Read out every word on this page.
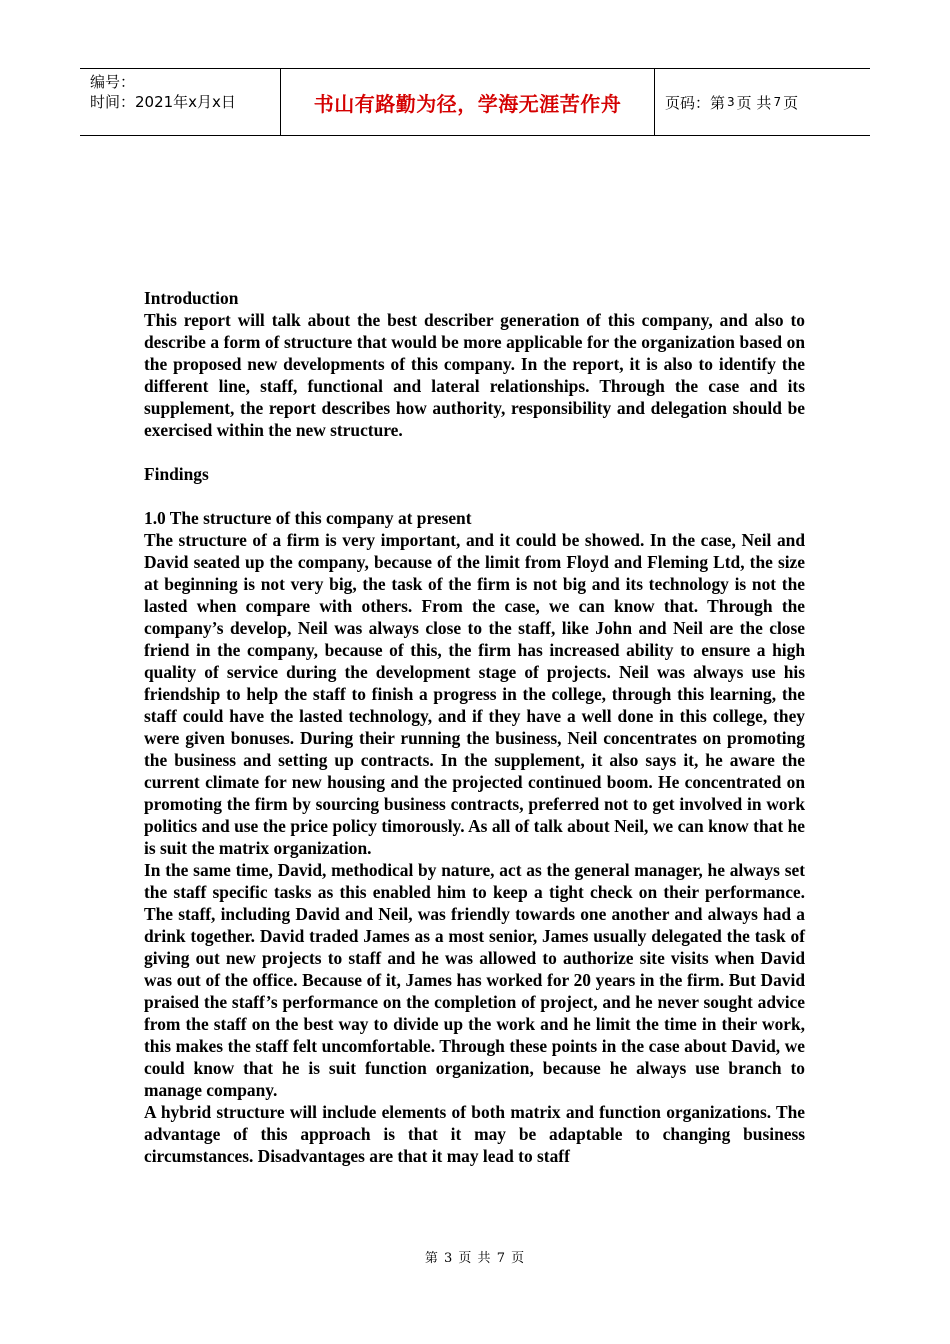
编号：
时间：2021年x月x日	书山有路勤为径，学海无涯苦作舟	页码：第 3 页 共 7 页

Introduction

This report will talk about the best describer generation of this company, and also to describe a form of structure that would be more applicable for the organization based on the proposed new developments of this company. In the report, it is also to identify the different line, staff, functional and lateral relationships. Through the case and its supplement, the report describes how authority, responsibility and delegation should be exercised within the new structure.

Findings

1.0 The structure of this company at present

The structure of a firm is very important, and it could be showed. In the case, Neil and David seated up the company, because of the limit from Floyd and Fleming Ltd, the size at beginning is not very big, the task of the firm is not big and its technology is not the lasted when compare with others. From the case, we can know that. Through the company’s develop, Neil was always close to the staff, like John and Neil are the close friend in the company, because of this, the firm has increased ability to ensure a high quality of service during the development stage of projects. Neil was always use his friendship to help the staff to finish a progress in the college, through this learning, the staff could have the lasted technology, and if they have a well done in this college, they were given bonuses. During their running the business, Neil concentrates on promoting the business and setting up contracts. In the supplement, it also says it, he aware the current climate for new housing and the projected continued boom. He concentrated on promoting the firm by sourcing business contracts, preferred not to get involved in work politics and use the price policy timorously. As all of talk about Neil, we can know that he is suit the matrix organization.

In the same time, David, methodical by nature, act as the general manager, he always set the staff specific tasks as this enabled him to keep a tight check on their performance. The staff, including David and Neil, was friendly towards one another and always had a drink together. David traded James as a most senior, James usually delegated the task of giving out new projects to staff and he was allowed to authorize site visits when David was out of the office. Because of it, James has worked for 20 years in the firm. But David praised the staff’s performance on the completion of project, and he never sought advice from the staff on the best way to divide up the work and he limit the time in their work, this makes the staff felt uncomfortable. Through these points in the case about David, we could know that he is suit function organization, because he always use branch to manage company.

A hybrid structure will include elements of both matrix and function organizations. The advantage of this approach is that it may be adaptable to changing business circumstances. Disadvantages are that it may lead to staff

第 3 页 共 7 页
